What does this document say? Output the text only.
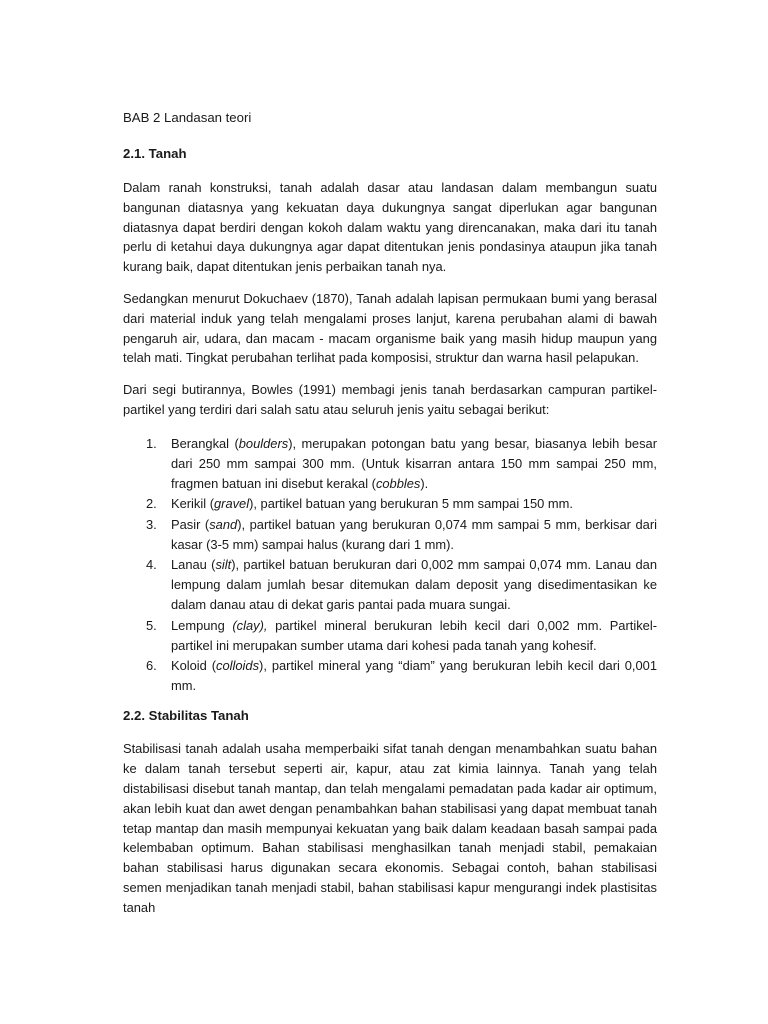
BAB 2 Landasan teori

2.1. Tanah

Dalam ranah konstruksi, tanah adalah dasar atau landasan dalam membangun suatu bangunan diatasnya yang kekuatan daya dukungnya sangat diperlukan agar bangunan diatasnya dapat berdiri dengan kokoh dalam waktu yang direncanakan, maka dari itu tanah perlu di ketahui daya dukungnya agar dapat ditentukan jenis pondasinya ataupun jika tanah kurang baik, dapat ditentukan jenis perbaikan tanah nya.

Sedangkan menurut Dokuchaev (1870), Tanah adalah lapisan permukaan bumi yang berasal dari material induk yang telah mengalami proses lanjut, karena perubahan alami di bawah pengaruh air, udara, dan macam - macam organisme baik yang masih hidup maupun yang telah mati. Tingkat perubahan terlihat pada komposisi, struktur dan warna hasil pelapukan.

Dari segi butirannya, Bowles (1991) membagi jenis tanah berdasarkan campuran partikel-partikel yang terdiri dari salah satu atau seluruh jenis yaitu sebagai berikut:

1. Berangkal (boulders), merupakan potongan batu yang besar, biasanya lebih besar dari 250 mm sampai 300 mm. (Untuk kisarran antara 150 mm sampai 250 mm, fragmen batuan ini disebut kerakal (cobbles).
2. Kerikil (gravel), partikel batuan yang berukuran 5 mm sampai 150 mm.
3. Pasir (sand), partikel batuan yang berukuran 0,074 mm sampai 5 mm, berkisar dari kasar (3-5 mm) sampai halus (kurang dari 1 mm).
4. Lanau (silt), partikel batuan berukuran dari 0,002 mm sampai 0,074 mm. Lanau dan lempung dalam jumlah besar ditemukan dalam deposit yang disedimentasikan ke dalam danau atau di dekat garis pantai pada muara sungai.
5. Lempung (clay), partikel mineral berukuran lebih kecil dari 0,002 mm. Partikel-partikel ini merupakan sumber utama dari kohesi pada tanah yang kohesif.
6. Koloid (colloids), partikel mineral yang “diam” yang berukuran lebih kecil dari 0,001 mm.

2.2. Stabilitas Tanah

Stabilisasi tanah adalah usaha memperbaiki sifat tanah dengan menambahkan suatu bahan ke dalam tanah tersebut seperti air, kapur, atau zat kimia lainnya. Tanah yang telah distabilisasi disebut tanah mantap, dan telah mengalami pemadatan pada kadar air optimum, akan lebih kuat dan awet dengan penambahkan bahan stabilisasi yang dapat membuat tanah tetap mantap dan masih mempunyai kekuatan yang baik dalam keadaan basah sampai pada kelembaban optimum. Bahan stabilisasi menghasilkan tanah menjadi stabil, pemakaian bahan stabilisasi harus digunakan secara ekonomis. Sebagai contoh, bahan stabilisasi semen menjadikan tanah menjadi stabil, bahan stabilisasi kapur mengurangi indek plastisitas tanah
